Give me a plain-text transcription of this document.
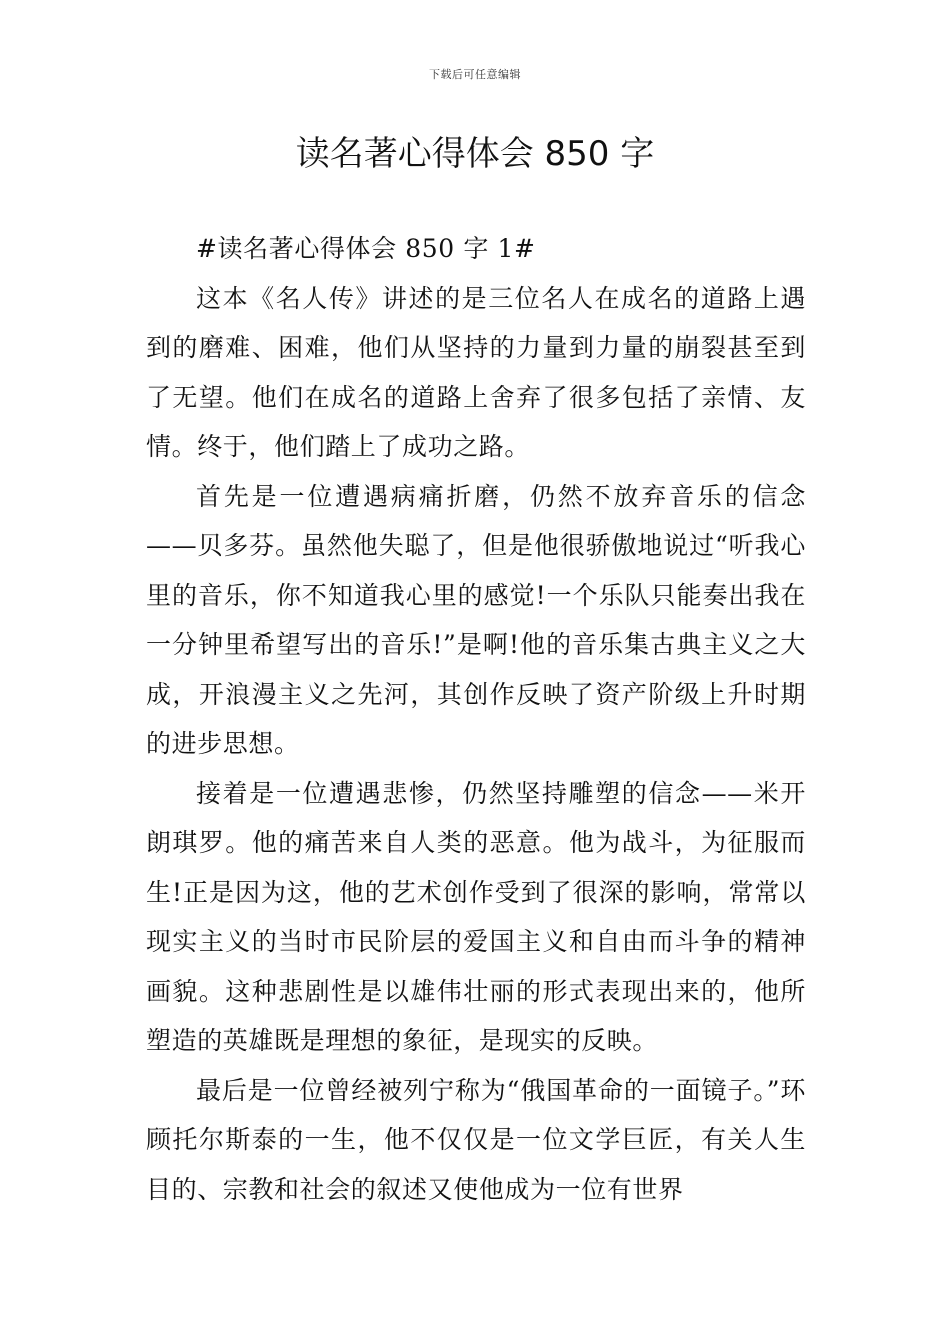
下载后可任意编辑
读名著心得体会 850 字

#读名著心得体会 850 字 1#

这本《名人传》讲述的是三位名人在成名的道路上遇到的磨难、困难，他们从坚持的力量到力量的崩裂甚至到了无望。他们在成名的道路上舍弃了很多包括了亲情、友情。终于，他们踏上了成功之路。

首先是一位遭遇病痛折磨，仍然不放弃音乐的信念——贝多芬。虽然他失聪了，但是他很骄傲地说过“听我心里的音乐，你不知道我心里的感觉!一个乐队只能奏出我在一分钟里希望写出的音乐!”是啊!他的音乐集古典主义之大成，开浪漫主义之先河，其创作反映了资产阶级上升时期的进步思想。

接着是一位遭遇悲惨，仍然坚持雕塑的信念——米开朗琪罗。他的痛苦来自人类的恶意。他为战斗，为征服而生!正是因为这，他的艺术创作受到了很深的影响，常常以现实主义的当时市民阶层的爱国主义和自由而斗争的精神画貌。这种悲剧性是以雄伟壮丽的形式表现出来的，他所塑造的英雄既是理想的象征，是现实的反映。

最后是一位曾经被列宁称为“俄国革命的一面镜子。”环顾托尔斯泰的一生，他不仅仅是一位文学巨匠，有关人生目的、宗教和社会的叙述又使他成为一位有世界
